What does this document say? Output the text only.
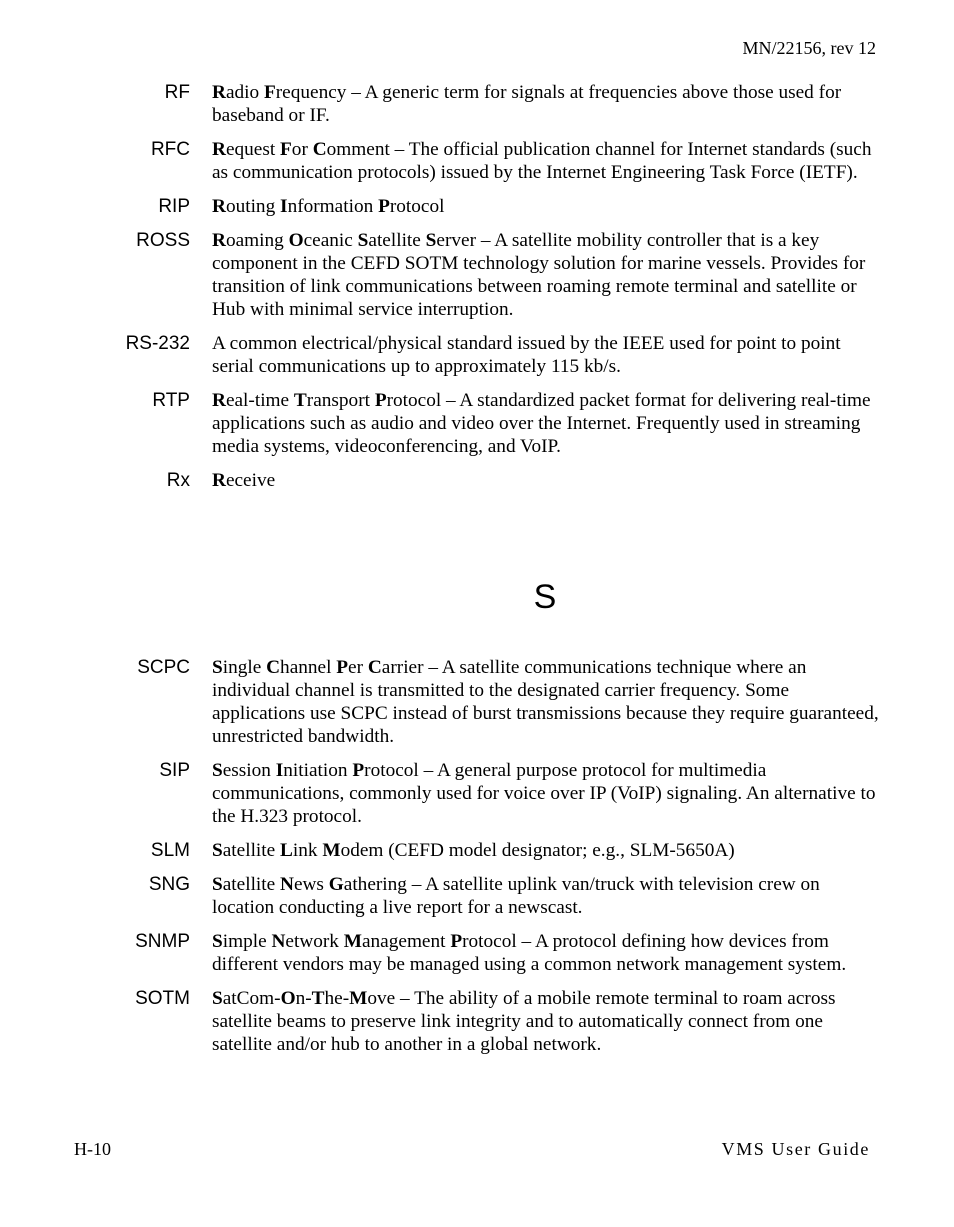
MN/22156, rev 12
RF Radio Frequency – A generic term for signals at frequencies above those used for baseband or IF.
RFC Request For Comment – The official publication channel for Internet standards (such as communication protocols) issued by the Internet Engineering Task Force (IETF).
RIP Routing Information Protocol
ROSS Roaming Oceanic Satellite Server – A satellite mobility controller that is a key component in the CEFD SOTM technology solution for marine vessels. Provides for transition of link communications between roaming remote terminal and satellite or Hub with minimal service interruption.
RS-232 A common electrical/physical standard issued by the IEEE used for point to point serial communications up to approximately 115 kb/s.
RTP Real-time Transport Protocol – A standardized packet format for delivering real-time applications such as audio and video over the Internet. Frequently used in streaming media systems, videoconferencing, and VoIP.
Rx Receive
S
SCPC Single Channel Per Carrier – A satellite communications technique where an individual channel is transmitted to the designated carrier frequency. Some applications use SCPC instead of burst transmissions because they require guaranteed, unrestricted bandwidth.
SIP Session Initiation Protocol – A general purpose protocol for multimedia communications, commonly used for voice over IP (VoIP) signaling. An alternative to the H.323 protocol.
SLM Satellite Link Modem (CEFD model designator; e.g., SLM-5650A)
SNG Satellite News Gathering – A satellite uplink van/truck with television crew on location conducting a live report for a newscast.
SNMP Simple Network Management Protocol – A protocol defining how devices from different vendors may be managed using a common network management system.
SOTM SatCom-On-The-Move – The ability of a mobile remote terminal to roam across satellite beams to preserve link integrity and to automatically connect from one satellite and/or hub to another in a global network.
H-10	VMS User Guide
